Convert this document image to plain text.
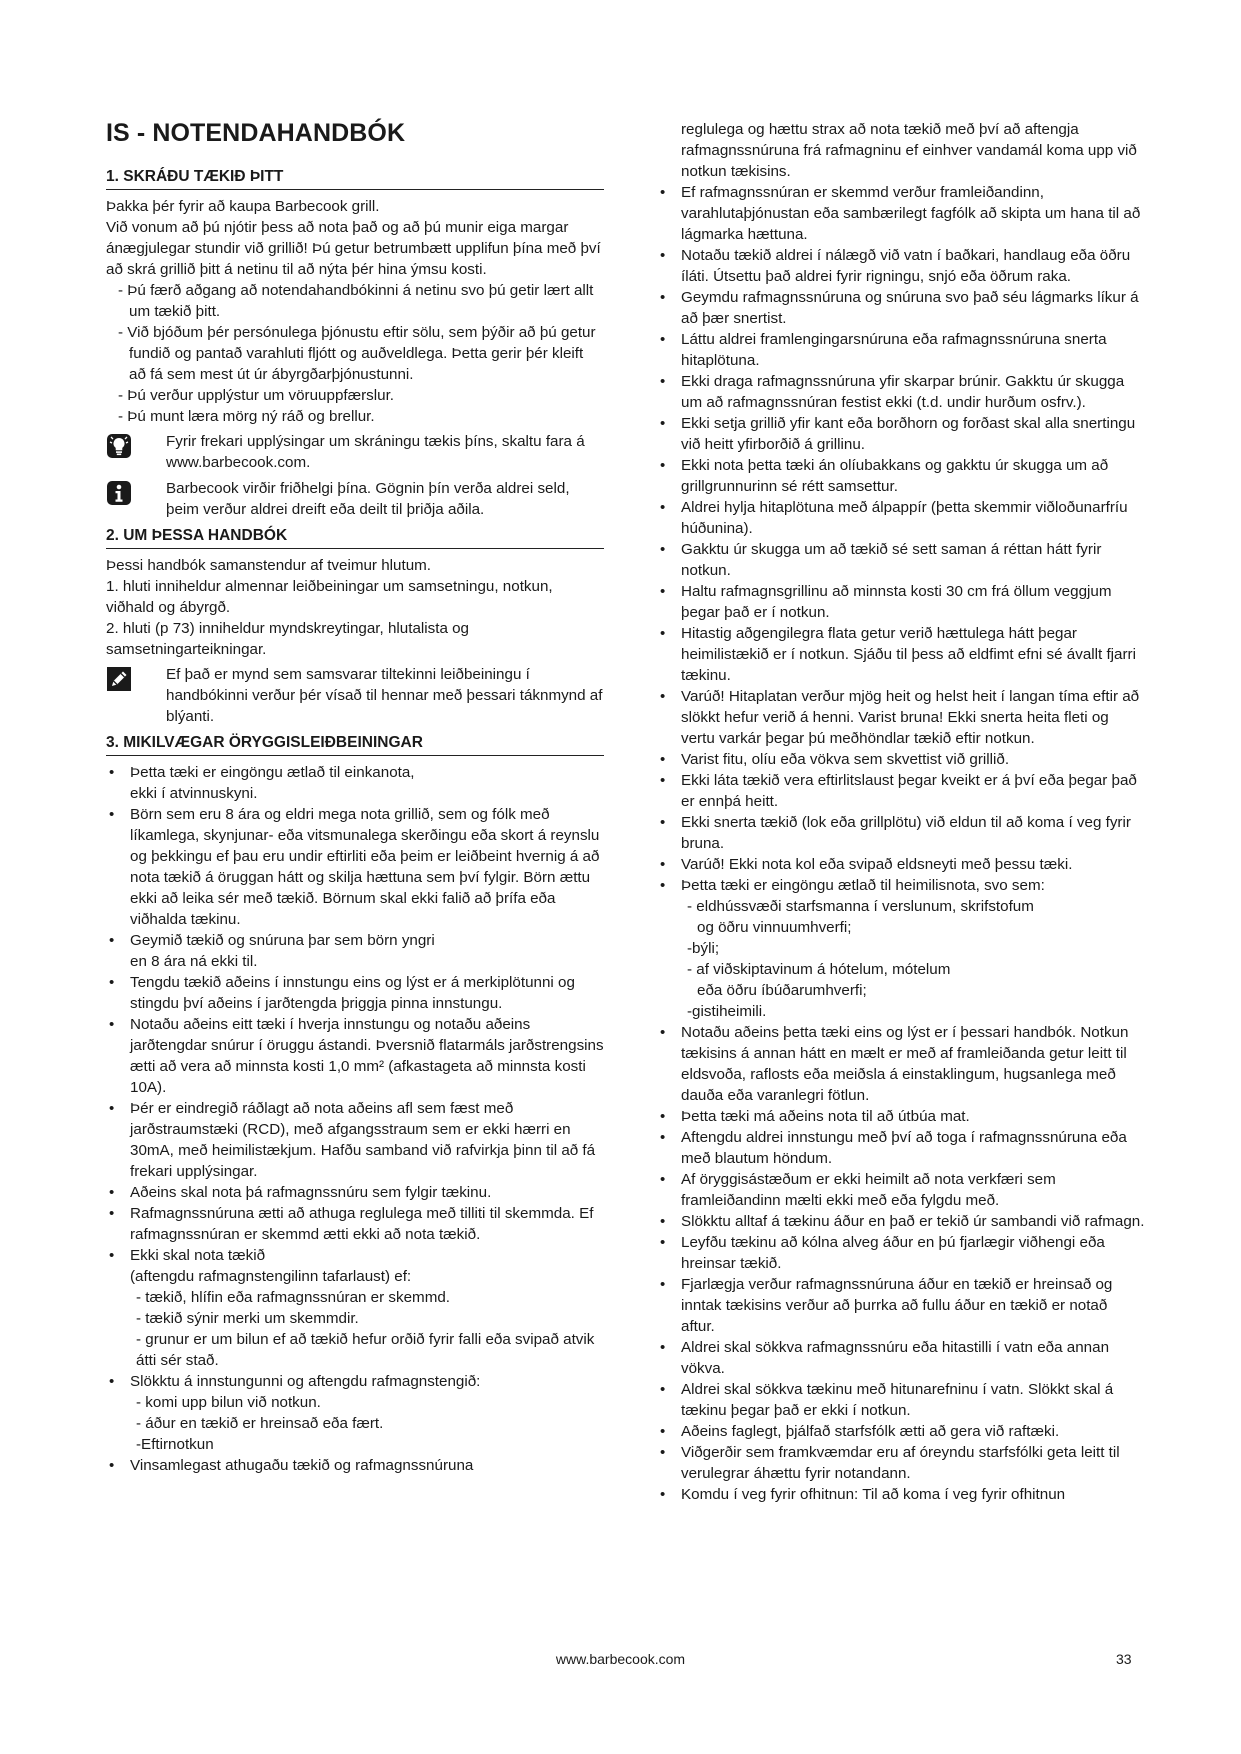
IS - NOTENDAHANDBÓK
1. SKRÁÐU TÆKIÐ ÞITT

Þakka þér fyrir að kaupa Barbecook grill.

Við vonum að þú njótir þess að nota það og að þú munir eiga margar ánægjulegar stundir við grillið! Þú getur betrumbætt upplifun þína með því að skrá grillið þitt á netinu til að nýta þér hina ýmsu kosti.

- Þú færð aðgang að notendahandbókinni á netinu svo þú getir lært allt um tækið þitt.
- Við bjóðum þér persónulega þjónustu eftir sölu, sem þýðir að þú getur fundið og pantað varahluti fljótt og auðveldlega. Þetta gerir þér kleift að fá sem mest út úr ábyrgðarþjónustunni.
- Þú verður upplýstur um vöruuppfærslur.
- Þú munt læra mörg ný ráð og brellur.
Fyrir frekari upplýsingar um skráningu tækis þíns, skaltu fara á www.barbecook.com.
Barbecook virðir friðhelgi þína. Gögnin þín verða aldrei seld, þeim verður aldrei dreift eða deilt til þriðja aðila.
2. UM ÞESSA HANDBÓK

Þessi handbók samanstendur af tveimur hlutum.

1. hluti inniheldur almennar leiðbeiningar um samsetningu, notkun, viðhald og ábyrgð.

2. hluti (p 73) inniheldur myndskreytingar, hlutalista og samsetningarteikningar.

Ef það er mynd sem samsvarar tiltekinni leiðbeiningu í handbókinni verður þér vísað til hennar með þessari táknmynd af blýanti.
3. MIKILVÆGAR ÖRYGGISLEIÐBEININGAR
• Þetta tæki er eingöngu ætlað til einkanota,
ekki í atvinnuskyni.
• Börn sem eru 8 ára og eldri mega nota grillið, sem og fólk með líkamlega, skynjunar- eða vitsmunalega skerðingu eða skort á reynslu og þekkingu ef þau eru undir eftirliti eða þeim er leiðbeint hvernig á að nota tækið á öruggan hátt og skilja hættuna sem því fylgir. Börn ættu ekki að leika sér með tækið. Börnum skal ekki falið að þrífa eða viðhalda tækinu.
• Geymið tækið og snúruna þar sem börn yngri
en 8 ára ná ekki til.
• Tengdu tækið aðeins í innstungu eins og lýst er á merkiplötunni og stingdu því aðeins í jarðtengda þriggja pinna innstungu.
• Notaðu aðeins eitt tæki í hverja innstungu og notaðu aðeins jarðtengdar snúrur í öruggu ástandi. Þversnið flatarmáls jarðstrengsins ætti að vera að minnsta kosti 1,0 mm² (afkastageta að minnsta kosti 10A).
• Þér er eindregið ráðlagt að nota aðeins afl sem fæst með jarðstraumstæki (RCD), með afgangsstraum sem er ekki hærri en 30mA, með heimilistækjum. Hafðu samband við rafvirkja þinn til að fá frekari upplýsingar.
• Aðeins skal nota þá rafmagnssnúru sem fylgir tækinu.
• Rafmagnssnúruna ætti að athuga reglulega með tilliti til skemmda. Ef rafmagnssnúran er skemmd ætti ekki að nota tækið.
• Ekki skal nota tækið
(aftengdu rafmagnstengilinn tafarlaust) ef:
- tækið, hlífin eða rafmagnssnúran er skemmd.
- tækið sýnir merki um skemmdir.
- grunur er um bilun ef að tækið hefur orðið fyrir falli eða svipað atvik átti sér stað.
• Slökktu á innstungunni og aftengdu rafmagnstengið:
- komi upp bilun við notkun.
- áður en tækið er hreinsað eða fært.
-Eftirnotkun
• Vinsamlegast athugaðu tækið og rafmagnssnúruna

reglulega og hættu strax að nota tækið með því að aftengja rafmagnssnúruna frá rafmagninu ef einhver vandamál koma upp við notkun tækisins.

• Ef rafmagnssnúran er skemmd verður framleiðandinn, varahlutaþjónustan eða sambærilegt fagfólk að skipta um hana til að lágmarka hættuna.
• Notaðu tækið aldrei í nálægð við vatn í baðkari, handlaug eða öðru íláti. Útsettu það aldrei fyrir rigningu, snjó eða öðrum raka.
• Geymdu rafmagnssnúruna og snúruna svo það séu lágmarks líkur á að þær snertist.
• Láttu aldrei framlengingarsnúruna eða rafmagnssnúruna snerta hitaplötuna.
• Ekki draga rafmagnssnúruna yfir skarpar brúnir. Gakktu úr skugga um að rafmagnssnúran festist ekki (t.d. undir hurðum osfrv.).
• Ekki setja grillið yfir kant eða borðhorn og forðast skal alla snertingu við heitt yfirborðið á grillinu.
• Ekki nota þetta tæki án olíubakkans og gakktu úr skugga um að grillgrunnurinn sé rétt samsettur.
• Aldrei hylja hitaplötuna með álpappír (þetta skemmir viðloðunarfríu húðunina).
• Gakktu úr skugga um að tækið sé sett saman á réttan hátt fyrir notkun.
• Haltu rafmagnsgrillinu að minnsta kosti 30 cm frá öllum veggjum þegar það er í notkun.
• Hitastig aðgengilegra flata getur verið hættulega hátt þegar heimilistækið er í notkun. Sjáðu til þess að eldfimt efni sé ávallt fjarri tækinu.
• Varúð! Hitaplatan verður mjög heit og helst heit í langan tíma eftir að slökkt hefur verið á henni. Varist bruna! Ekki snerta heita fleti og vertu varkár þegar þú meðhöndlar tækið eftir notkun.
• Varist fitu, olíu eða vökva sem skvettist við grillið.
• Ekki láta tækið vera eftirlitslaust þegar kveikt er á því eða þegar það er ennþá heitt.
• Ekki snerta tækið (lok eða grillplötu) við eldun til að koma í veg fyrir bruna.
• Varúð! Ekki nota kol eða svipað eldsneyti með þessu tæki.
• Þetta tæki er eingöngu ætlað til heimilisnota, svo sem:
- eldhússvæði starfsmanna í verslunum, skrifstofum
og öðru vinnuumhverfi;
-býli;
- af viðskiptavinum á hótelum, mótelum
eða öðru íbúðarumhverfi;
-gistiheimili.
• Notaðu aðeins þetta tæki eins og lýst er í þessari handbók. Notkun tækisins á annan hátt en mælt er með af framleiðanda getur leitt til eldsvoða, raflosts eða meiðsla á einstaklingum, hugsanlega með dauða eða varanlegri fötlun.
• Þetta tæki má aðeins nota til að útbúa mat.
• Aftengdu aldrei innstungu með því að toga í rafmagnssnúruna eða með blautum höndum.
• Af öryggisástæðum er ekki heimilt að nota verkfæri sem framleiðandinn mælti ekki með eða fylgdu með.
• Slökktu alltaf á tækinu áður en það er tekið úr sambandi við rafmagn.
• Leyfðu tækinu að kólna alveg áður en þú fjarlægir viðhengi eða hreinsar tækið.
• Fjarlægja verður rafmagnssnúruna áður en tækið er hreinsað og inntak tækisins verður að þurrka að fullu áður en tækið er notað aftur.
• Aldrei skal sökkva rafmagnssnúru eða hitastilli í vatn eða annan vökva.
• Aldrei skal sökkva tækinu með hitunarefninu í vatn. Slökkt skal á tækinu þegar það er ekki í notkun.
• Aðeins faglegt, þjálfað starfsfólk ætti að gera við raftæki.
• Viðgerðir sem framkvæmdar eru af óreyndu starfsfólki geta leitt til verulegrar áhættu fyrir notandann.
• Komdu í veg fyrir ofhitnun: Til að koma í veg fyrir ofhitnun
www.barbecook.com	33
